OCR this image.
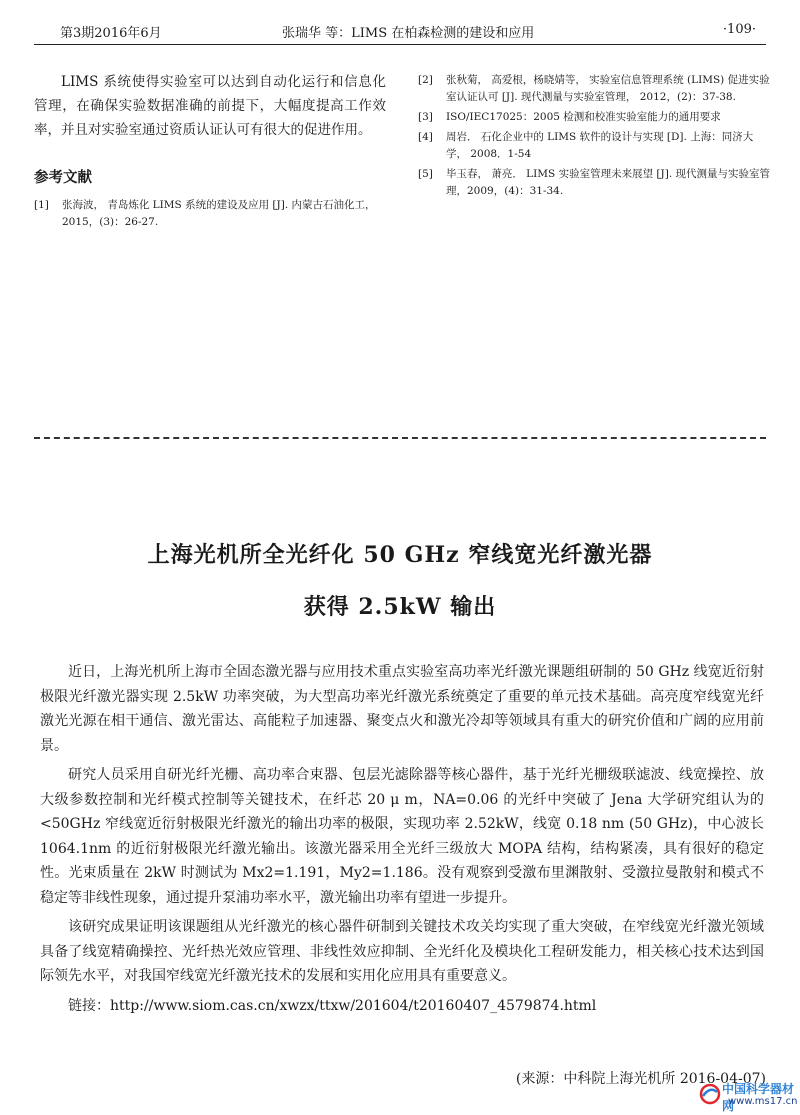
第3期2016年6月	张瑞华 等：LIMS 在柏森检测的建设和应用	·109·

LIMS 系统使得实验室可以达到自动化运行和信息化管理，在确保实验数据准确的前提下，大幅度提高工作效率，并且对实验室通过资质认证认可有很大的促进作用。

参考文献
[1]	张海波， 青岛炼化 LIMS 系统的建设及应用 [J]. 内蒙古石油化工， 2015，(3)：26-27.
[2]	张秋菊， 高爱根，杨晓婧等， 实验室信息管理系统 (LIMS) 促进实验室认证认可 [J]. 现代测量与实验室管理， 2012，(2)：37-38.
[3]	ISO/IEC17025：2005 检测和校准实验室能力的通用要求
[4]	周岩． 石化企业中的 LIMS 软件的设计与实现 [D]. 上海：同济大学， 2008．1-54
[5]	毕玉春， 萧亮． LIMS 实验室管理未来展望 [J]. 现代测量与实验室管理，2009，(4)：31-34.
上海光机所全光纤化 50 GHz 窄线宽光纤激光器
获得 2.5kW 输出

近日，上海光机所上海市全固态激光器与应用技术重点实验室高功率光纤激光课题组研制的 50 GHz 线宽近衍射极限光纤激光器实现 2.5kW 功率突破，为大型高功率光纤激光系统奠定了重要的单元技术基础。高亮度窄线宽光纤激光光源在相干通信、激光雷达、高能粒子加速器、聚变点火和激光冷却等领域具有重大的研究价值和广阔的应用前景。

研究人员采用自研光纤光栅、高功率合束器、包层光滤除器等核心器件，基于光纤光栅级联滤波、线宽操控、放大级参数控制和光纤模式控制等关键技术，在纤芯 20 μ m，NA=0.06 的光纤中突破了 Jena 大学研究组认为的 <50GHz 窄线宽近衍射极限光纤激光的输出功率的极限，实现功率 2.52kW，线宽 0.18 nm (50 GHz)，中心波长 1064.1nm 的近衍射极限光纤激光输出。该激光器采用全光纤三级放大 MOPA 结构，结构紧凑，具有很好的稳定性。光束质量在 2kW 时测试为 Mx2=1.191，My2=1.186。没有观察到受激布里渊散射、受激拉曼散射和模式不稳定等非线性现象，通过提升泵浦功率水平，激光输出功率有望进一步提升。

该研究成果证明该课题组从光纤激光的核心器件研制到关键技术攻关均实现了重大突破，在窄线宽光纤激光领域具备了线宽精确操控、光纤热光效应管理、非线性效应抑制、全光纤化及模块化工程研发能力，相关核心技术达到国际领先水平，对我国窄线宽光纤激光技术的发展和实用化应用具有重要意义。

链接：http://www.siom.cas.cn/xwzx/ttxw/201604/t20160407_4579874.html

(来源：中科院上海光机所 2016-04-07)
中国科学器材网
www.ms17.cn
